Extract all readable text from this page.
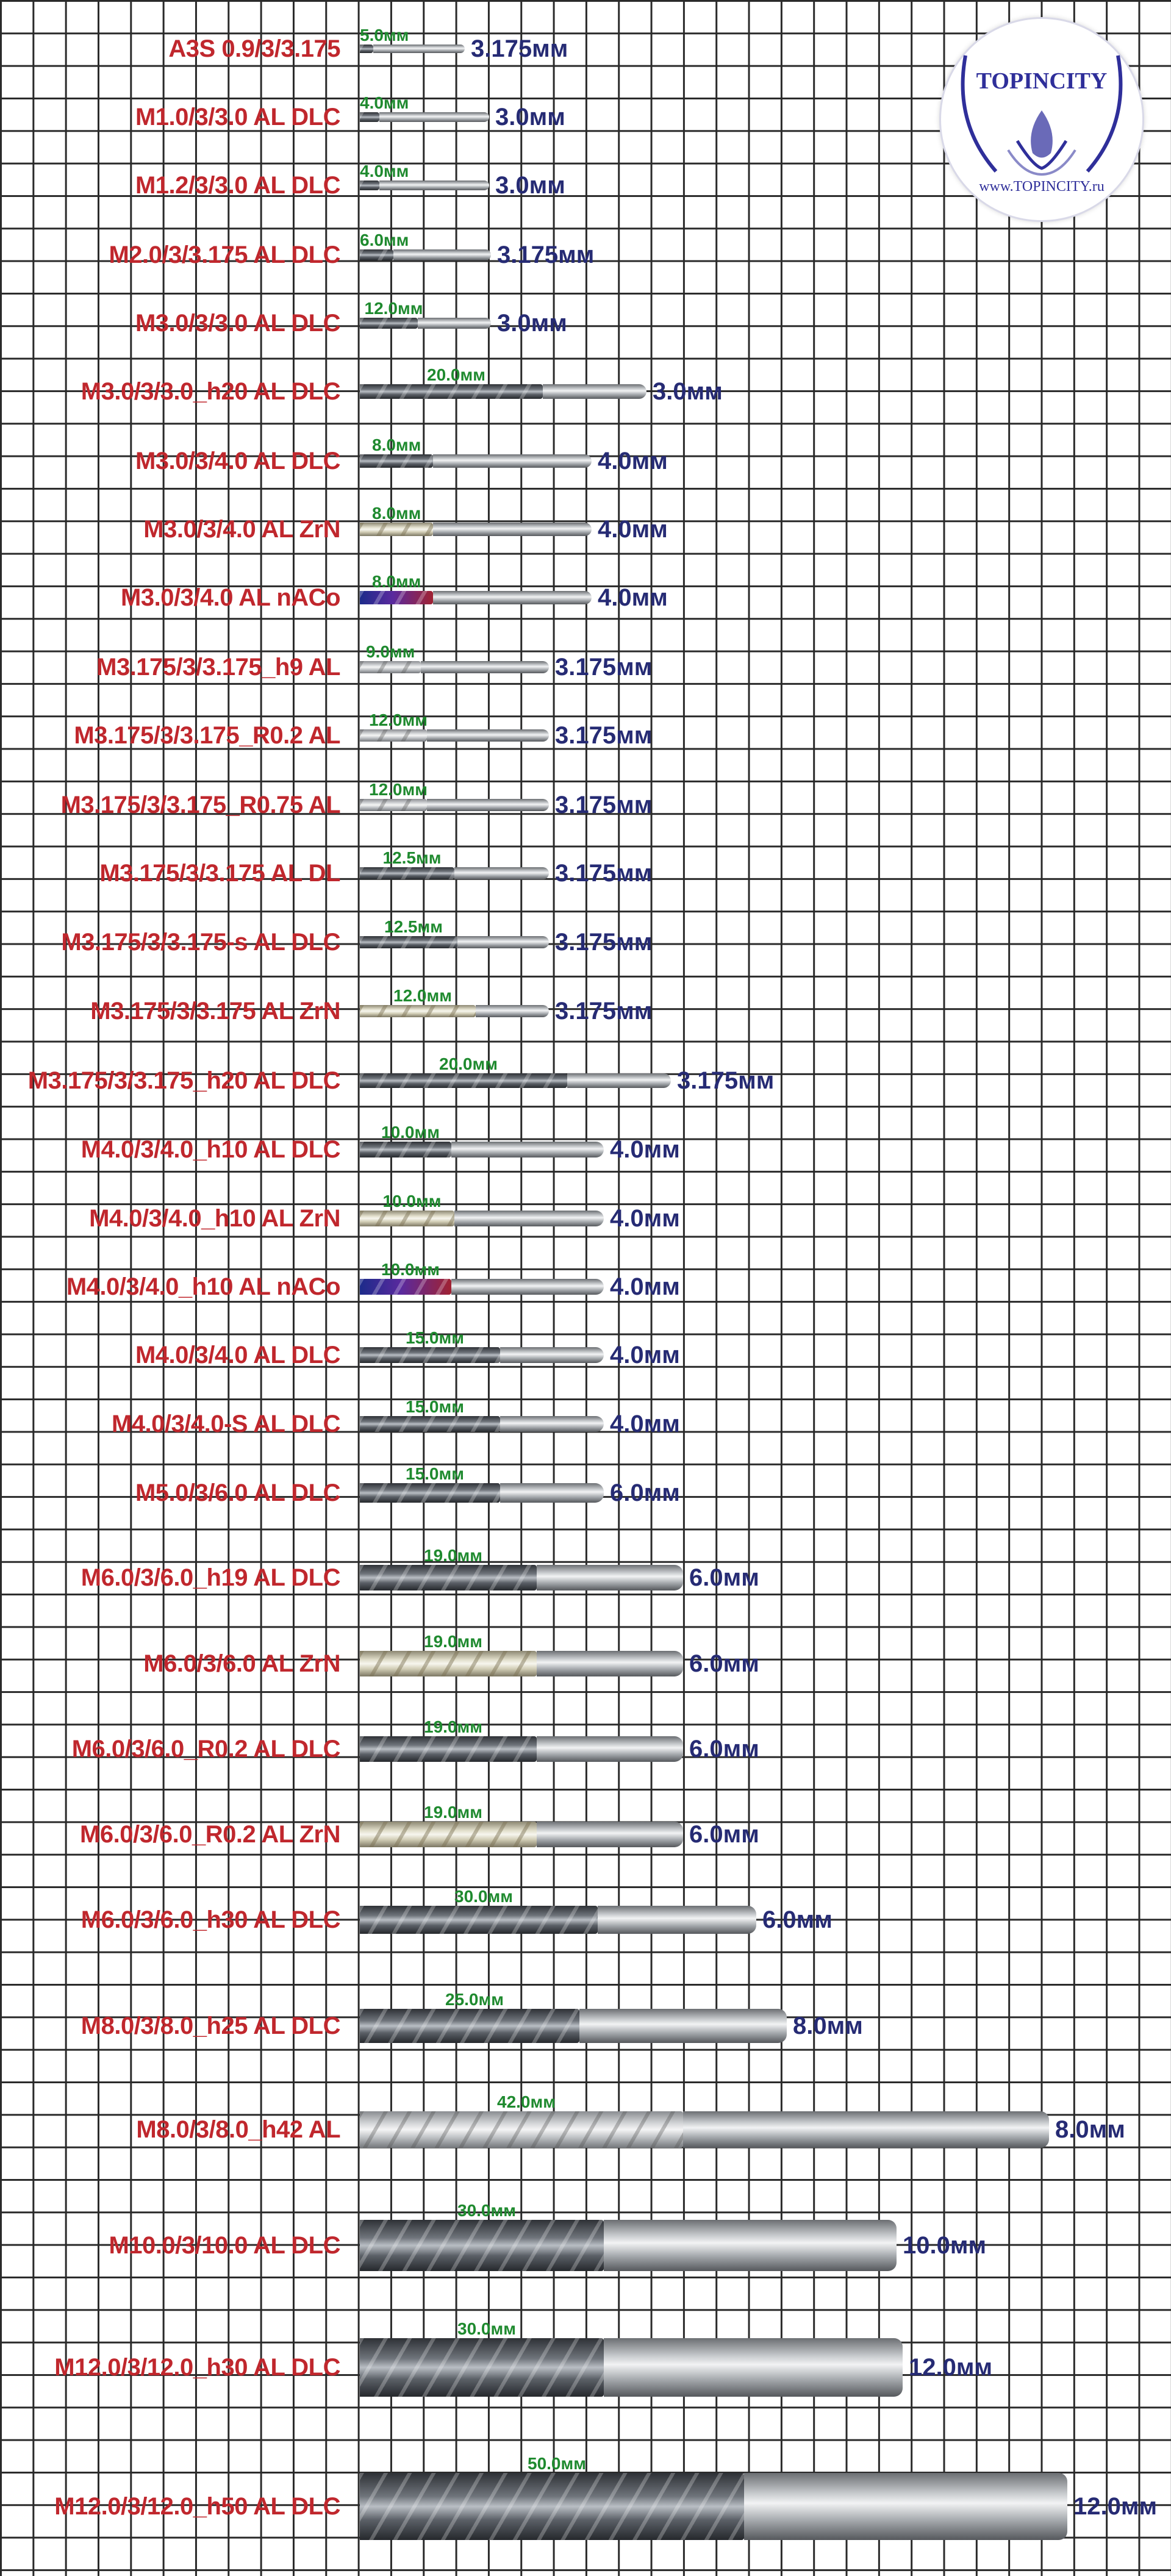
A3S 0.9/3/3.175
5.0мм
3.175мм
M1.0/3/3.0 AL DLC
4.0мм
3.0мм
M1.2/3/3.0 AL DLC
4.0мм
3.0мм
M2.0/3/3.175 AL DLC
6.0мм
3.175мм
M3.0/3/3.0 AL DLC
12.0мм
3.0мм
M3.0/3/3.0_h20 AL DLC
20.0мм
3.0мм
M3.0/3/4.0 AL DLC
8.0мм
4.0мм
M3.0/3/4.0 AL ZrN
8.0мм
4.0мм
M3.0/3/4.0 AL nACo
8.0мм
4.0мм
M3.175/3/3.175_h9 AL
9.0мм
3.175мм
M3.175/3/3.175_R0.2 AL
12.0мм
3.175мм
M3.175/3/3.175_R0.75 AL
12.0мм
3.175мм
M3.175/3/3.175 AL DL
12.5мм
3.175мм
M3.175/3/3.175-s AL DLC
12.5мм
3.175мм
M3.175/3/3.175 AL ZrN
12.0мм
3.175мм
M3.175/3/3.175_h20 AL DLC
20.0мм
3.175мм
M4.0/3/4.0_h10 AL DLC
10.0мм
4.0мм
M4.0/3/4.0_h10 AL ZrN
10.0мм
4.0мм
M4.0/3/4.0_h10 AL nACo
10.0мм
4.0мм
M4.0/3/4.0 AL DLC
15.0мм
4.0мм
M4.0/3/4.0-S AL DLC
15.0мм
4.0мм
M5.0/3/6.0 AL DLC
15.0мм
6.0мм
M6.0/3/6.0_h19 AL DLC
19.0мм
6.0мм
M6.0/3/6.0 AL ZrN
19.0мм
6.0мм
M6.0/3/6.0_R0.2 AL DLC
19.0мм
6.0мм
M6.0/3/6.0_R0.2 AL ZrN
19.0мм
6.0мм
M6.0/3/6.0_h30 AL DLC
30.0мм
6.0мм
M8.0/3/8.0_h25 AL DLC
25.0мм
8.0мм
M8.0/3/8.0_h42 AL
42.0мм
8.0мм
M10.0/3/10.0 AL DLC
30.0мм
10.0мм
M12.0/3/12.0_h30 AL DLC
30.0мм
12.0мм
M12.0/3/12.0_h50 AL DLC
50.0мм
12.0мм
TOPINCITY
www.TOPINCITY.ru
